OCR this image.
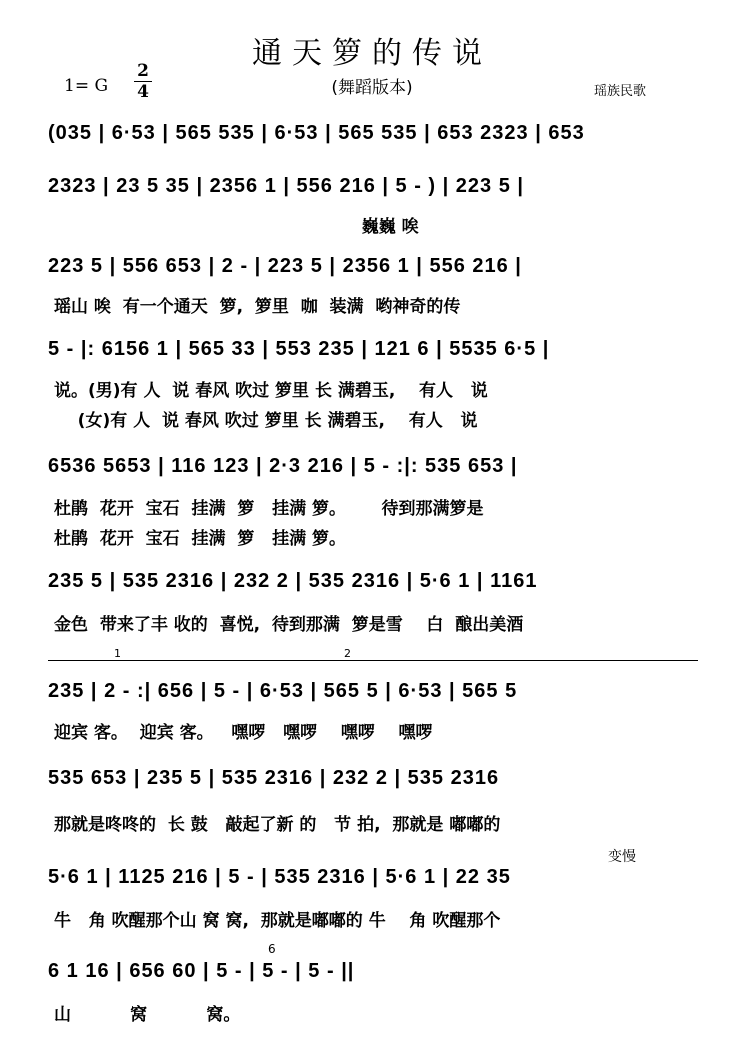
通天箩的传说
(舞蹈版本)
1= G
2
4	瑶族民歌
(035 | 6·53 | 565 535 | 6·53 | 565 535 | 653 2323 | 653
2323 | 23 5 35 | 2356 1 | 556 216 | 5 - ) | 223 5 |
巍巍 唉
223 5 | 556 653 | 2 - | 223 5 | 2356 1 | 556 216 |
瑶山 唉  有一个通天  箩,  箩里  咖  装满  哟神奇的传
5 - |: 6156 1 | 565 33 | 553 235 | 121 6 | 5535 6·5 |
说。(男)有 人  说 春风 吹过 箩里 长 满碧玉,    有人   说
(女)有 人  说 春风 吹过 箩里 长 满碧玉,    有人   说
6536 5653 | 116 123 | 2·3 216 | 5 - :|: 535 653 |
杜鹃  花开  宝石  挂满  箩   挂满 箩。      待到那满箩是
杜鹃  花开  宝石  挂满  箩   挂满 箩。
235 5 | 535 2316 | 232 2 | 535 2316 | 5·6 1 | 1161
金色  带来了丰 收的  喜悦,  待到那满  箩是雪    白  酿出美酒
1	2
235 | 2 - :| 656 | 5 - | 6·53 | 565 5 | 6·53 | 565 5
迎宾 客。  迎宾 客。   嘿啰   嘿啰    嘿啰    嘿啰
535 653 | 235 5 | 535 2316 | 232 2 | 535 2316
那就是咚咚的  长 鼓   敲起了新 的   节 拍,  那就是 嘟嘟的
变慢
5·6 1 | 1125 216 | 5 - | 535 2316 | 5·6 1 | 22 35
牛   角 吹醒那个山 窝 窝,  那就是嘟嘟的 牛    角 吹醒那个
6
6 1 16 | 656 60 | 5 - | 5 - | 5 - ||
山          窝          窝。
